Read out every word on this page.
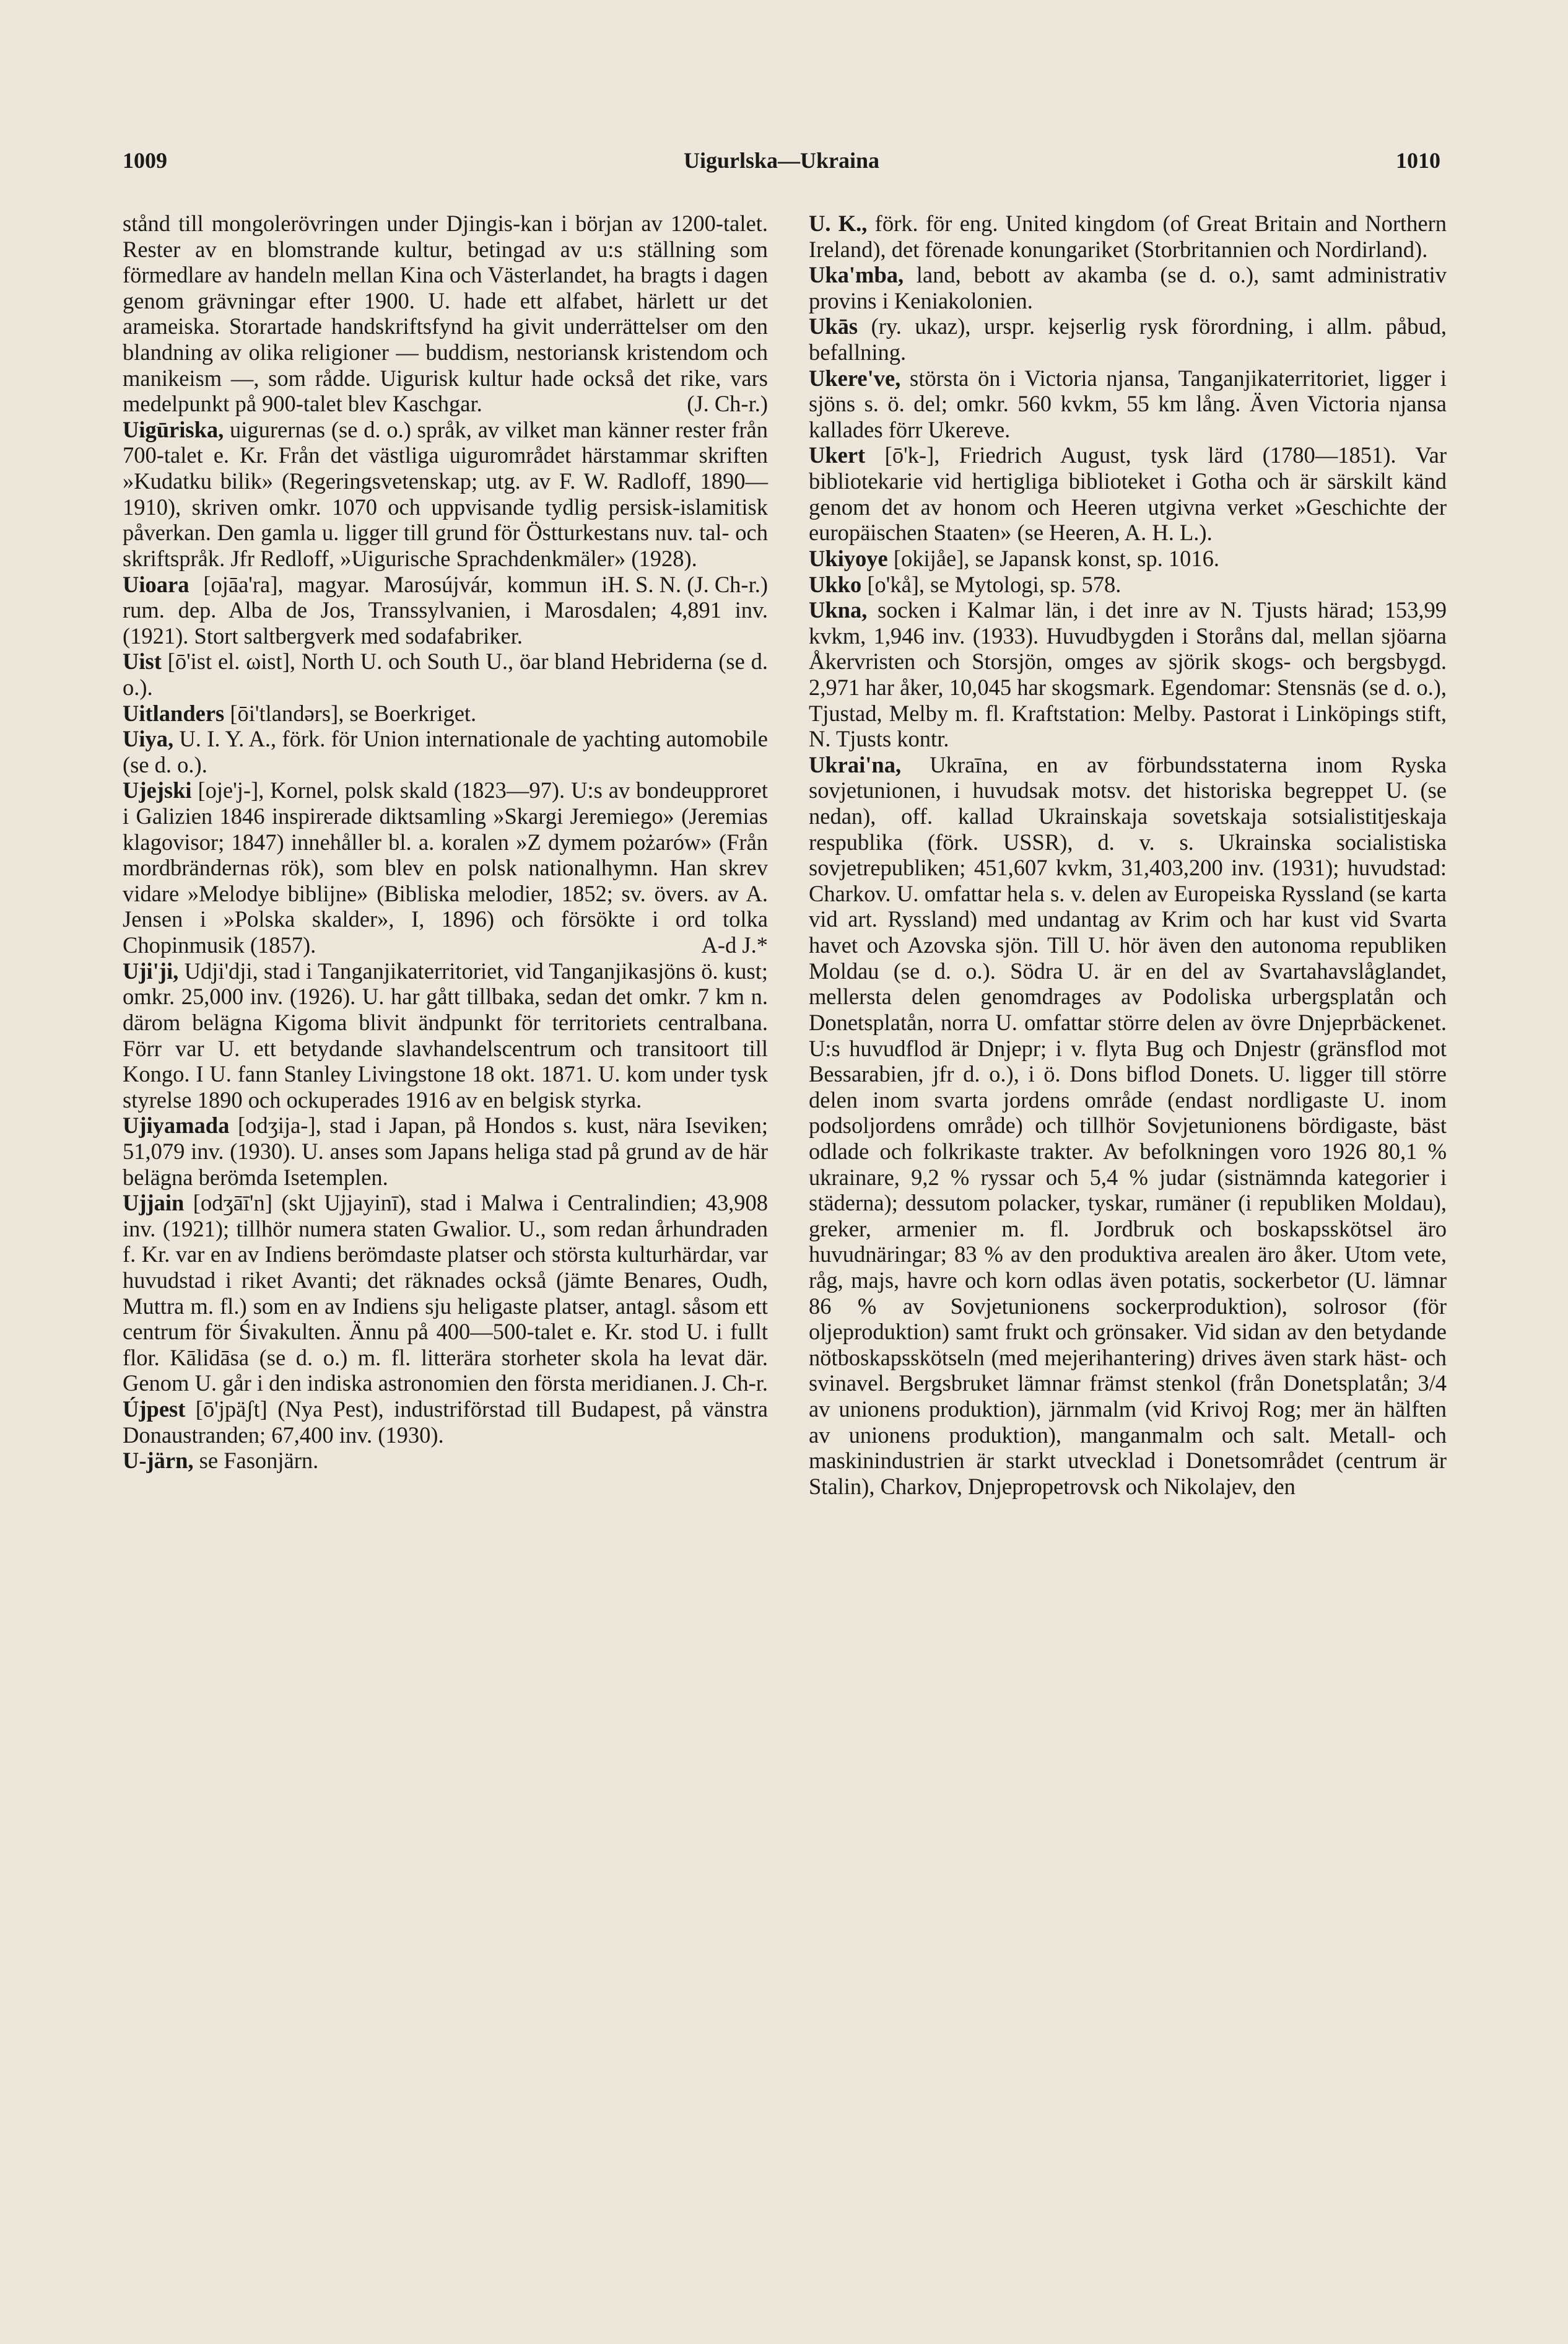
1009	Uigurlska—Ukraina	1010

stånd till mongolerövringen under Djingis-kan i början av 1200-talet. Rester av en blomstrande kultur, betingad av u:s ställning som förmedlare av handeln mellan Kina och Västerlandet, ha bragts i dagen genom grävningar efter 1900. U. hade ett alfabet, härlett ur det arameiska. Storartade handskriftsfynd ha givit underrättelser om den blandning av olika religioner — buddism, nestoriansk kristendom och manikeism —, som rådde. Uigurisk kultur hade också det rike, vars medelpunkt på 900-talet blev Kaschgar.	(J. Ch-r.)

Uigūriska, uigurernas (se d. o.) språk, av vilket man känner rester från 700-talet e. Kr. Från det västliga uigurområdet härstammar skriften »Kudatku bilik» (Regeringsvetenskap; utg. av F. W. Radloff, 1890—1910), skriven omkr. 1070 och uppvisande tydlig persisk-islamitisk påverkan. Den gamla u. ligger till grund för Östturkestans nuv. tal- och skriftspråk. Jfr Redloff, »Uigurische Sprachdenkmäler» (1928).
H. S. N. (J. Ch-r.)

Uioara [ojāa'ra], magyar. Marosújvár, kommun i rum. dep. Alba de Jos, Transsylvanien, i Marosdalen; 4,891 inv. (1921). Stort saltbergverk med sodafabriker.

Uist [ō'ist el. ωist], North U. och South U., öar bland Hebriderna (se d. o.).

Uitlanders [ōi'tlandərs], se Boerkriget.

Uiya, U. I. Y. A., förk. för Union internationale de yachting automobile (se d. o.).

Ujejski [oje'j-], Kornel, polsk skald (1823—97). U:s av bondeupproret i Galizien 1846 inspirerade diktsamling »Skargi Jeremiego» (Jeremias klagovisor; 1847) innehåller bl. a. koralen »Z dymem pożarów» (Från mordbrändernas rök), som blev en polsk nationalhymn. Han skrev vidare »Melodye biblijne» (Bibliska melodier, 1852; sv. övers. av A. Jensen i »Polska skalder», I, 1896) och försökte i ord tolka Chopinmusik (1857).	A-d J.*

Uji'ji, Udji'dji, stad i Tanganjikaterritoriet, vid Tanganjikasjöns ö. kust; omkr. 25,000 inv. (1926). U. har gått tillbaka, sedan det omkr. 7 km n. därom belägna Kigoma blivit ändpunkt för territoriets centralbana. Förr var U. ett betydande slavhandelscentrum och transitoort till Kongo. I U. fann Stanley Livingstone 18 okt. 1871. U. kom under tysk styrelse 1890 och ockuperades 1916 av en belgisk styrka.

Ujiyamada [odʒija-], stad i Japan, på Hondos s. kust, nära Iseviken; 51,079 inv. (1930). U. anses som Japans heliga stad på grund av de här belägna berömda Isetemplen.

Ujjain [odʒāī'n] (skt Ujjayinī), stad i Malwa i Centralindien; 43,908 inv. (1921); tillhör numera staten Gwalior. U., som redan århundraden f. Kr. var en av Indiens berömdaste platser och största kulturhärdar, var huvudstad i riket Avanti; det räknades också (jämte Benares, Oudh, Muttra m. fl.) som en av Indiens sju heligaste platser, antagl. såsom ett centrum för Śivakulten. Ännu på 400—500-talet e. Kr. stod U. i fullt flor. Kālidāsa (se d. o.) m. fl. litterära storheter skola ha levat där. Genom U. går i den indiska astronomien den första meridianen. J. Ch-r.

Újpest [ō'jpäʃt] (Nya Pest), industriförstad till Budapest, på vänstra Donaustranden; 67,400 inv. (1930).

U-järn, se Fasonjärn.

U. K., förk. för eng. United kingdom (of Great Britain and Northern Ireland), det förenade konungariket (Storbritannien och Nordirland).

Uka'mba, land, bebott av akamba (se d. o.), samt administrativ provins i Keniakolonien.

Ukās (ry. ukaz), urspr. kejserlig rysk förordning, i allm. påbud, befallning.

Ukere've, största ön i Victoria njansa, Tanganjikaterritoriet, ligger i sjöns s. ö. del; omkr. 560 kvkm, 55 km lång. Även Victoria njansa kallades förr Ukereve.

Ukert [ō'k-], Friedrich August, tysk lärd (1780—1851). Var bibliotekarie vid hertigliga biblioteket i Gotha och är särskilt känd genom det av honom och Heeren utgivna verket »Geschichte der europäischen Staaten» (se Heeren, A. H. L.).

Ukiyoye [okijåe], se Japansk konst, sp. 1016.

Ukko [o'kå], se Mytologi, sp. 578.

Ukna, socken i Kalmar län, i det inre av N. Tjusts härad; 153,99 kvkm, 1,946 inv. (1933). Huvudbygden i Storåns dal, mellan sjöarna Åkervristen och Storsjön, omges av sjörik skogs- och bergsbygd. 2,971 har åker, 10,045 har skogsmark. Egendomar: Stensnäs (se d. o.), Tjustad, Melby m. fl. Kraftstation: Melby. Pastorat i Linköpings stift, N. Tjusts kontr.

Ukrai'na, Ukraīna, en av förbundsstaterna inom Ryska sovjetunionen, i huvudsak motsv. det historiska begreppet U. (se nedan), off. kallad Ukrainskaja sovetskaja sotsialistitjeskaja respublika (förk. USSR), d. v. s. Ukrainska socialistiska sovjetrepubliken; 451,607 kvkm, 31,403,200 inv. (1931); huvudstad: Charkov. U. omfattar hela s. v. delen av Europeiska Ryssland (se karta vid art. Ryssland) med undantag av Krim och har kust vid Svarta havet och Azovska sjön. Till U. hör även den autonoma republiken Moldau (se d. o.). Södra U. är en del av Svartahavslåglandet, mellersta delen genomdrages av Podoliska urbergsplatån och Donetsplatån, norra U. omfattar större delen av övre Dnjeprbäckenet. U:s huvudflod är Dnjepr; i v. flyta Bug och Dnjestr (gränsflod mot Bessarabien, jfr d. o.), i ö. Dons biflod Donets. U. ligger till större delen inom svarta jordens område (endast nordligaste U. inom podsoljordens område) och tillhör Sovjetunionens bördigaste, bäst odlade och folkrikaste trakter. Av befolkningen voro 1926 80,1 % ukrainare, 9,2 % ryssar och 5,4 % judar (sistnämnda kategorier i städerna); dessutom polacker, tyskar, rumäner (i republiken Moldau), greker, armenier m. fl. Jordbruk och boskapsskötsel äro huvudnäringar; 83 % av den produktiva arealen äro åker. Utom vete, råg, majs, havre och korn odlas även potatis, sockerbetor (U. lämnar 86 % av Sovjetunionens sockerproduktion), solrosor (för oljeproduktion) samt frukt och grönsaker. Vid sidan av den betydande nötboskapsskötseln (med mejerihantering) drives även stark häst- och svinavel. Bergsbruket lämnar främst stenkol (från Donetsplatån; 3/4 av unionens produktion), järnmalm (vid Krivoj Rog; mer än hälften av unionens produktion), manganmalm och salt. Metall- och maskinindustrien är starkt utvecklad i Donetsområdet (centrum är Stalin), Charkov, Dnjepropetrovsk och Nikolajev, den
